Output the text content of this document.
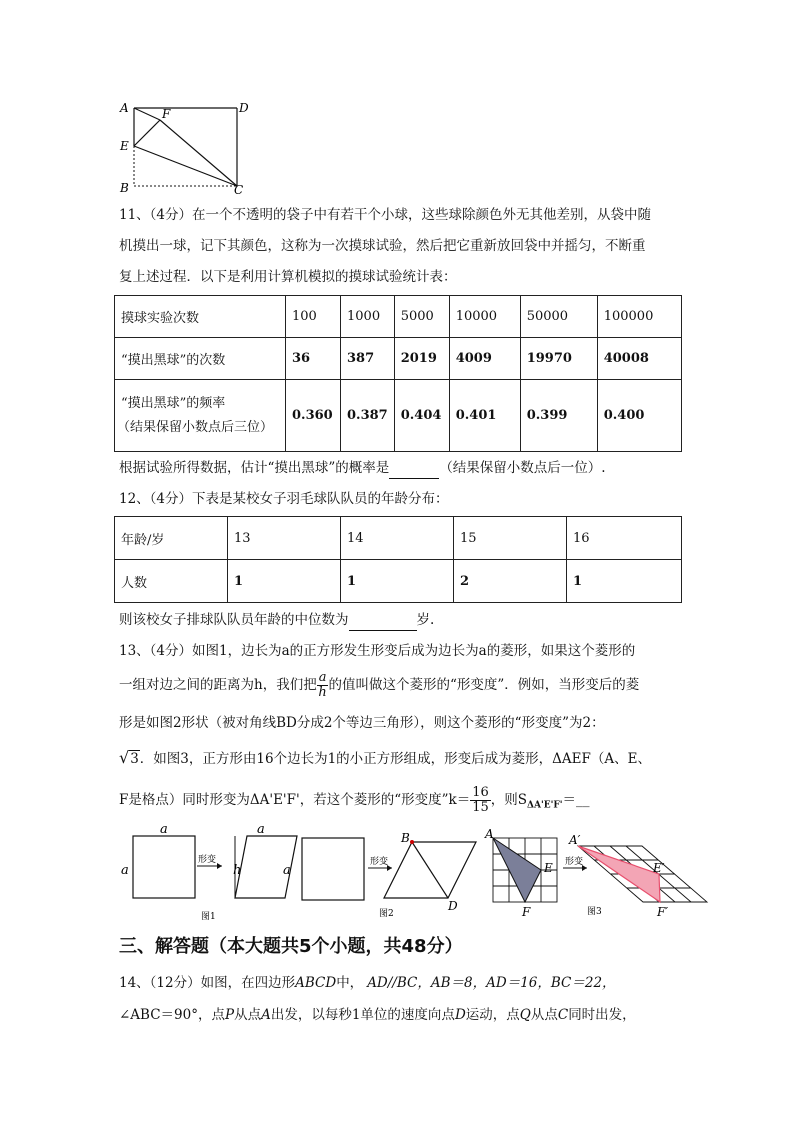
A	D
F
E
B	C
11、（4分）在一个不透明的袋子中有若干个小球，这些球除颜色外无其他差别，从袋中随
机摸出一球，记下其颜色，这称为一次摸球试验，然后把它重新放回袋中并摇匀，不断重
复上述过程．以下是利用计算机模拟的摸球试验统计表：
摸球实验次数	100	1000	5000	10000	50000	100000
“摸出黑球”的次数	36	387	2019	4009	19970	40008

“摸出黑球”的频率
（结果保留小数点后三位）	0.360	0.387	0.404	0.401	0.399	0.400
根据试验所得数据，估计“摸出黑球”的概率是	（结果保留小数点后一位）.
12、（4分）下表是某校女子羽毛球队队员的年龄分布：
年龄/岁	13	14	15	16
人数	1	1	2	1
则该校女子排球队队员年龄的中位数为	岁.
13、（4分）如图1，边长为a的正方形发生形变后成为边长为a的菱形，如果这个菱形的
一组对边之间的距离为h，我们把 $\frac{a}{h}$ 的值叫做这个菱形的“形变度”．例如，当形变后的菱
形是如图2形状（被对角线BD分成2个等边三角形），则这个菱形的“形变度”为2：
√3．如图3，正方形由16个边长为1的小正方形组成，形变后成为菱形，ΔAEF（A、E、
F是格点）同时形变为ΔA'E'F'，若这个菱形的“形变度”k＝ $\frac{16}{15}$ ，则$S_{\Delta A'E'F'}=\_\_$
a
a
形变
a
h	a
图1
形变
B
D
图2
A
E
F
形变
A′
E′
F′
图3
三、解答题（本大题共5个小题，共48分）
14、（12分）如图，在四边形ABCD中， AD//BC，AB＝8，AD＝16，BC＝22，
∠ABC＝90°，点P从点A出发，以每秒1单位的速度向点D运动，点Q从点C同时出发，
